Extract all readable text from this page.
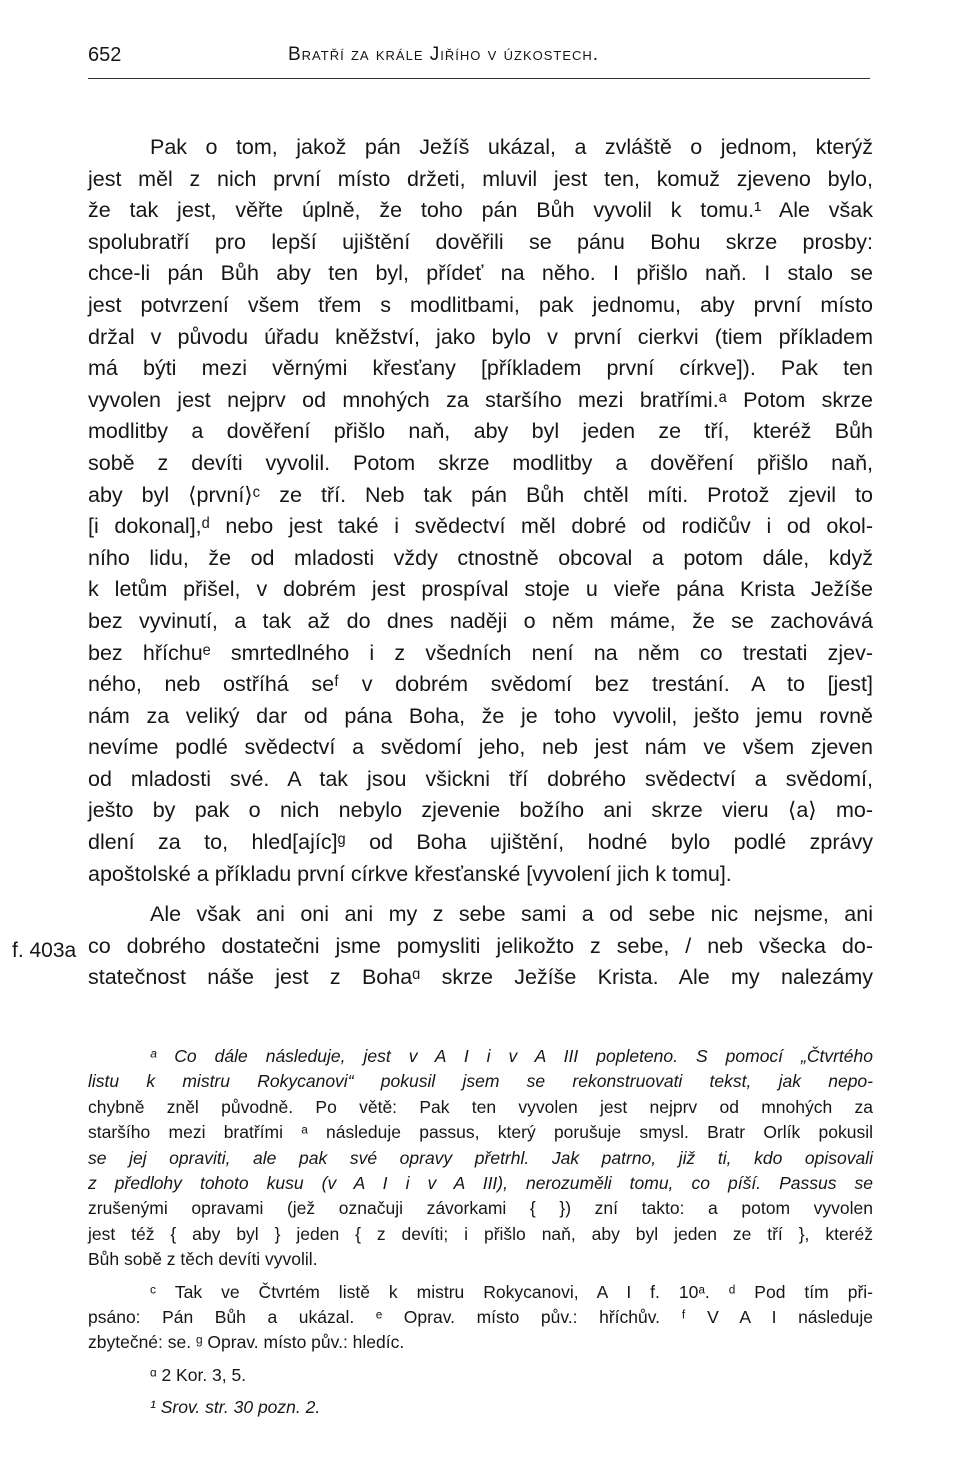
652	Bratří za krále Jiřího v úzkostech.
Pak o tom, jakož pán Ježíš ukázal, a zvláště o jednom, kterýž
jest měl z nich první místo držeti, mluvil jest ten, komuž zjeveno bylo,
že tak jest, věřte úplně, že toho pán Bůh vyvolil k tomu.¹ Ale však
spolubratří pro lepší ujištění dověřili se pánu Bohu skrze prosby:
chce-li pán Bůh aby ten byl, přídeť na něho. I přišlo naň. I stalo se
jest potvrzení všem třem s modlitbami, pak jednomu, aby první místo
držal v původu úřadu kněžství, jako bylo v první cierkvi (tiem příkladem
má býti mezi věrnými křesťany [příkladem první církve]). Pak ten
vyvolen jest nejprv od mnohých za staršího mezi bratřími.ᵃ Potom skrze
modlitby a dověření přišlo naň, aby byl jeden ze tří, kteréž Bůh
sobě z devíti vyvolil. Potom skrze modlitby a dověření přišlo naň,
aby byl ⟨první⟩ᶜ ze tří. Neb tak pán Bůh chtěl míti. Protož zjevil to
[i dokonal],ᵈ nebo jest také i svědectví měl dobré od rodičův i od okol-
ního lidu, že od mladosti vždy ctnostně obcoval a potom dále, když
k letům přišel, v dobrém jest prospíval stoje u vieře pána Krista Ježíše
bez vyvinutí, a tak až do dnes naději o něm máme, že se zachovává
bez hříchuᵉ smrtedlného i z všedních není na něm co trestati zjev-
ného, neb ostříhá seᶠ v dobrém svědomí bez trestání. A to [jest]
nám za veliký dar od pána Boha, že je toho vyvolil, ješto jemu rovně
nevíme podlé svědectví a svědomí jeho, neb jest nám ve všem zjeven
od mladosti své. A tak jsou všickni tří dobrého svědectví a svědomí,
ješto by pak o nich nebylo zjevenie božího ani skrze vieru ⟨a⟩ mo-
dlení za to, hled[ajíc]ᵍ od Boha ujištění, hodné bylo podlé zprávy
apoštolské a příkladu první církve křesťanské [vyvolení jich k tomu].
Ale však ani oni ani my z sebe sami a od sebe nic nejsme, ani
co dobrého dostatečni jsme pomysliti jelikožto z sebe, / neb všecka do-
statečnost náše jest z Bohaᵅ skrze Ježíše Krista. Ale my nalezámy
f. 403a
ᵃ Co dále následuje, jest v A I i v A III popleteno. S pomocí „Čtvrtého
listu k mistru Rokycanovi“ pokusil jsem se rekonstruovati tekst, jak nepo-
chybně zněl původně. Po větě: Pak ten vyvolen jest nejprv od mnohých za
staršího mezi bratřími ᵃ následuje passus, který porušuje smysl. Bratr Orlík pokusil
se jej opraviti, ale pak své opravy přetrhl. Jak patrno, již ti, kdo opisovali
z předlohy tohoto kusu (v A I i v A III), nerozuměli tomu, co píší. Passus se
zrušenými opravami (jež označuji závorkami { }) zní takto: a potom vyvolen
jest též { aby byl } jeden { z devíti; i přišlo naň, aby byl jeden ze tří }, kteréž
Bůh sobě z těch devíti vyvolil.
ᶜ Tak ve Čtvrtém listě k mistru Rokycanovi, A I f. 10ᵃ. ᵈ Pod tím při-
psáno: Pán Bůh a ukázal. ᵉ Oprav. místo pův.: hříchův. ᶠ V A I následuje
zbytečné: se. ᵍ Oprav. místo pův.: hledíc.
ᵅ 2 Kor. 3, 5.
¹ Srov. str. 30 pozn. 2.
